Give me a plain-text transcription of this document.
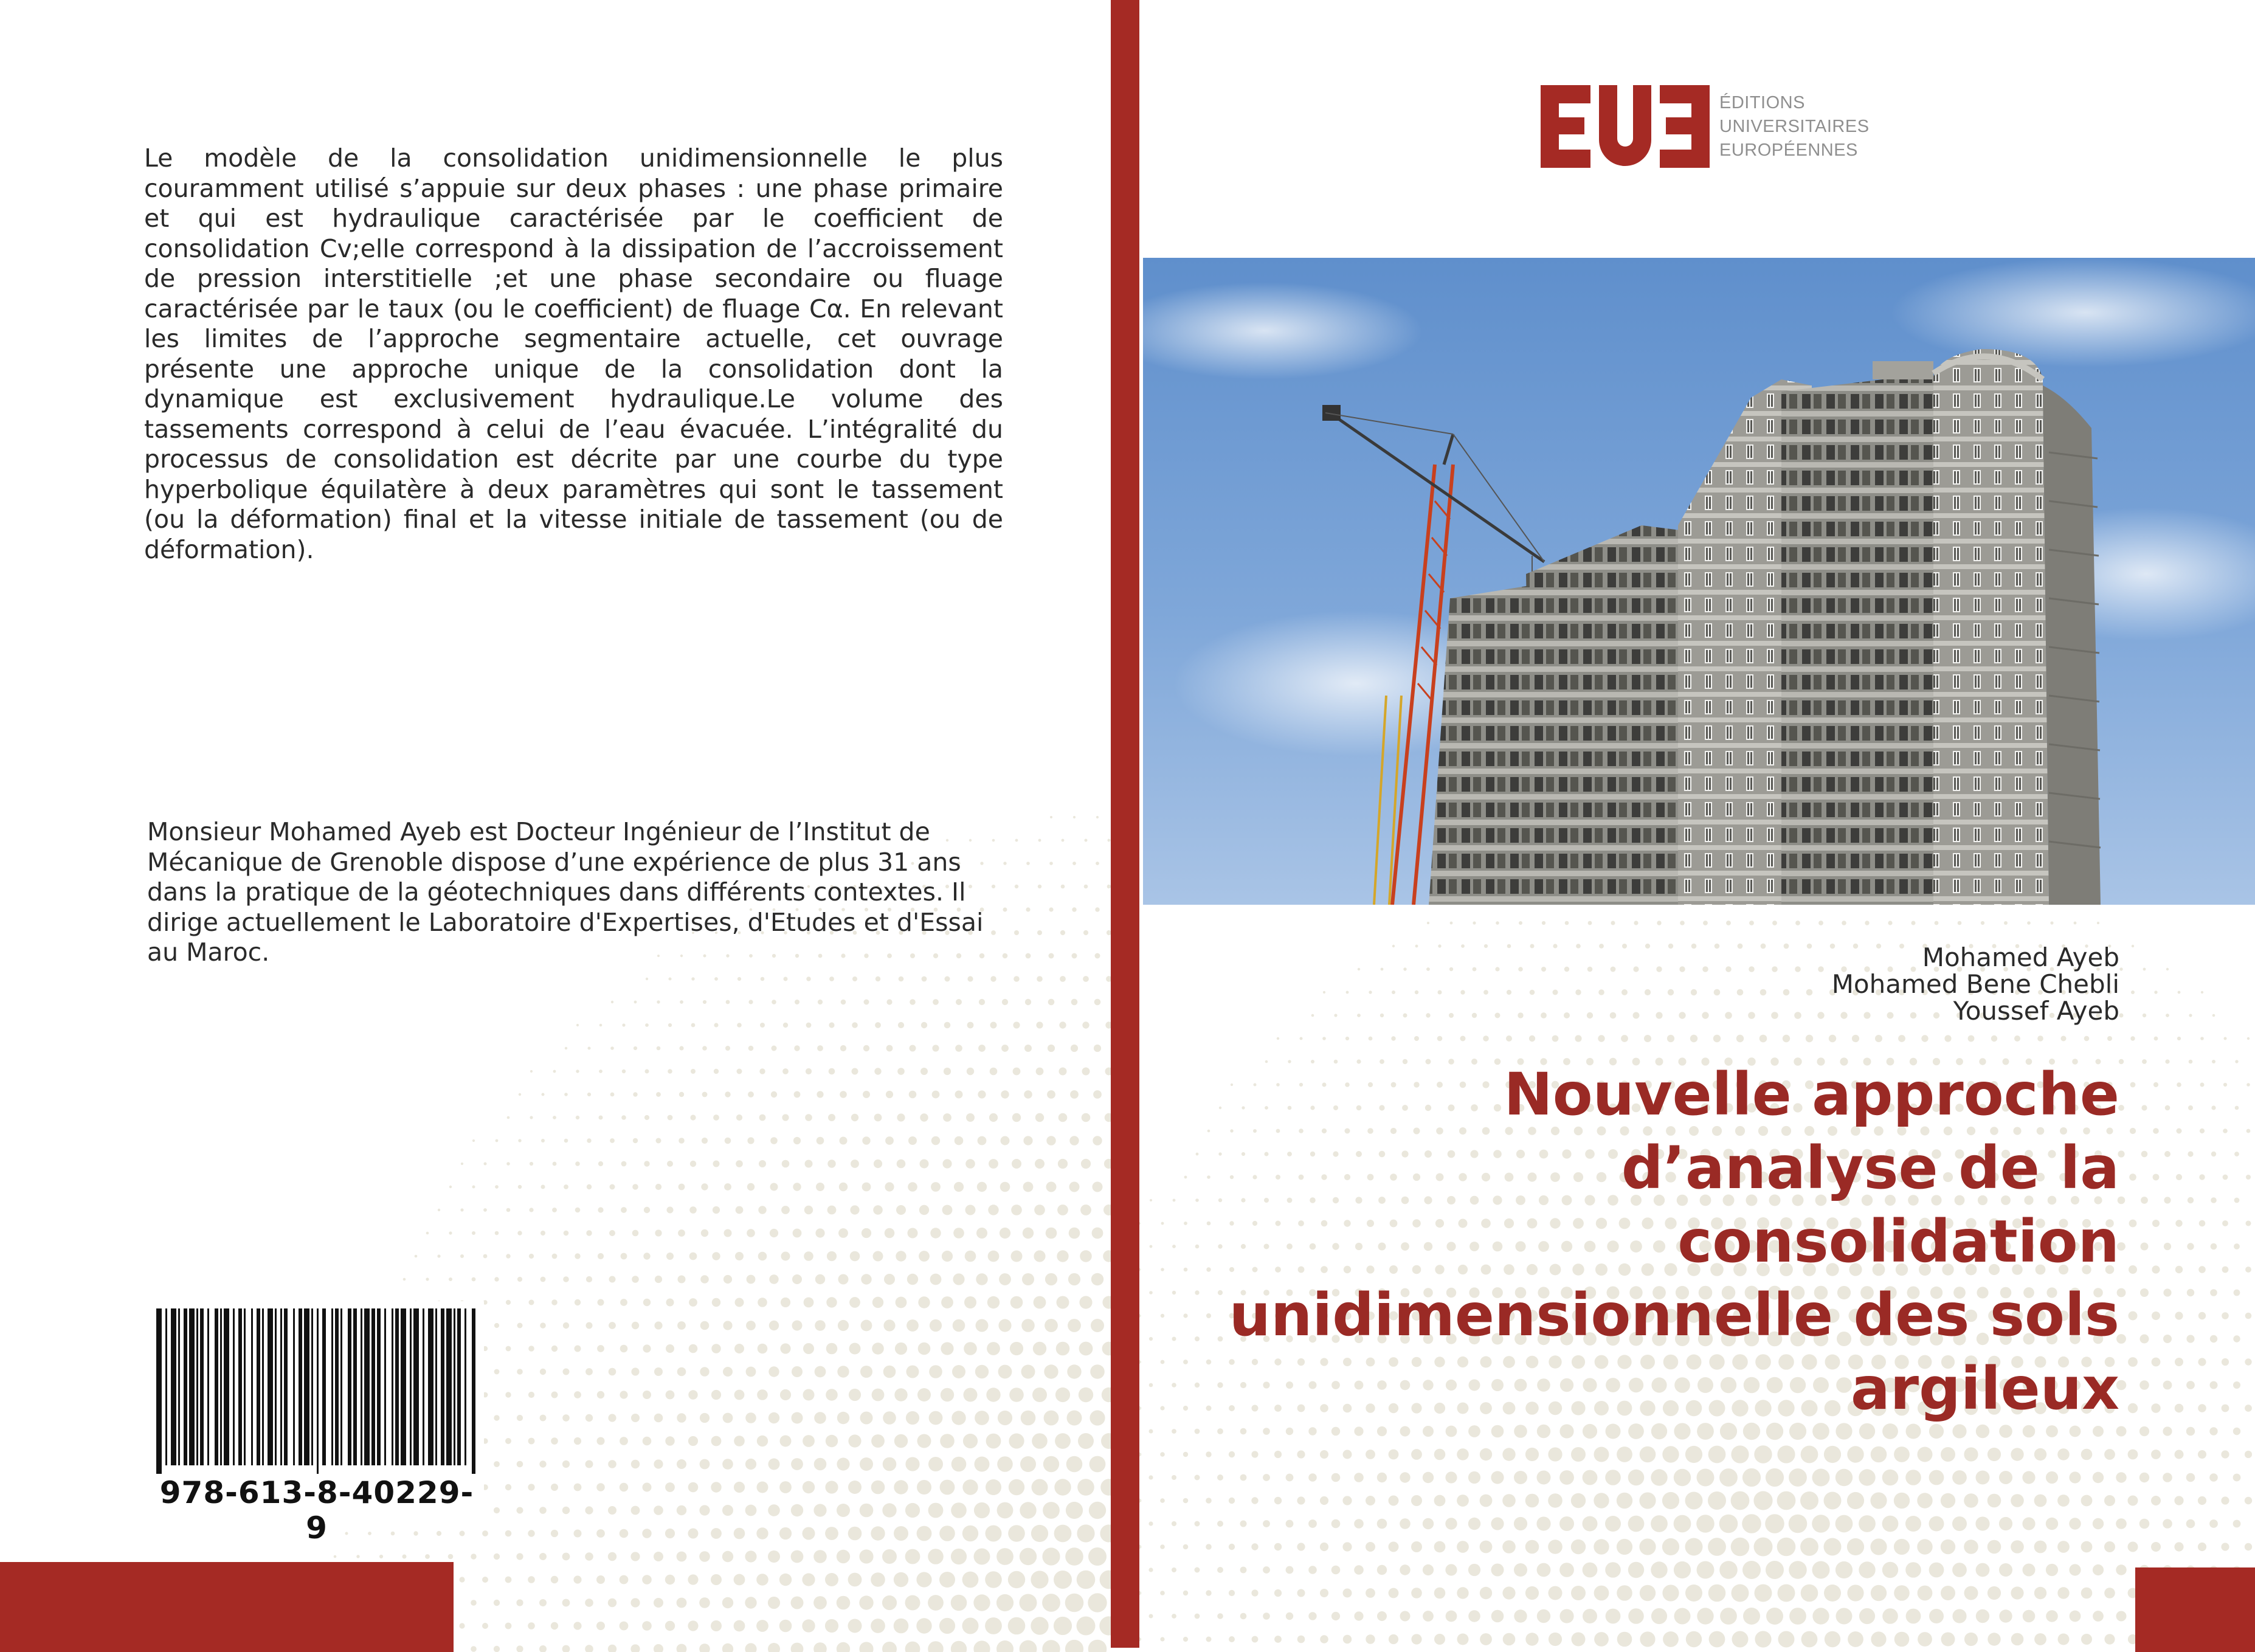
Le modèle de la consolidation unidimensionnelle le plus couramment utilisé s’appuie sur deux phases : une phase primaire et qui est hydraulique caractérisée par le coefficient de consolidation Cv;elle correspond à la dissipation de l’accroissement de pression interstitielle ;et une phase secondaire ou fluage caractérisée par le taux (ou le coefficient) de fluage Cα. En relevant les limites de l’approche segmentaire actuelle, cet ouvrage présente une approche unique de la consolidation dont la dynamique est exclusivement hydraulique.Le volume des tassements correspond à celui de l’eau évacuée. L’intégralité du processus de consolidation est décrite par une courbe du type hyperbolique équilatère à deux paramètres qui sont le tassement (ou la déformation) final et la vitesse initiale de tassement (ou de déformation).

Monsieur Mohamed Ayeb est Docteur Ingénieur de l’Institut de Mécanique de Grenoble dispose d’une expérience de plus 31 ans dans la pratique de la géotechniques dans différents contextes. Il dirige actuellement le Laboratoire d'Expertises, d'Etudes et d'Essai au Maroc.

978-613-8-40229-9
ÉDITIONS
UNIVERSITAIRES
EUROPÉENNES
Mohamed Ayeb
Mohamed Bene Chebli
Youssef Ayeb
Nouvelle approche
d’analyse de la
consolidation
unidimensionnelle des sols
argileux
